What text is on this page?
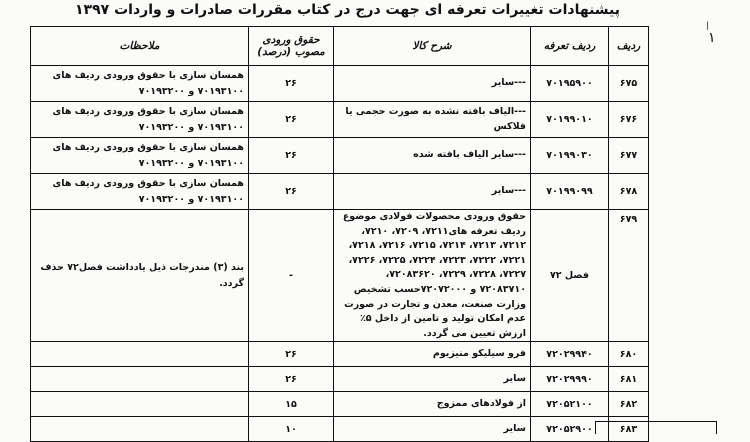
پیشنهادات تغییرات تعرفه ای جهت درج در کتاب مقررات صادرات و واردات ۱۳۹۷
۱
ا
ردیف	ردیف تعرفه	شرح کالا	حقوق ورودی مصوب (درصد)	ملاحظات
۶۷۵	۷۰۱۹۵۹۰۰	---سایر	۲۶	همسان سازی با حقوق ورودی ردیف های ۷۰۱۹۳۱۰۰ و ۷۰۱۹۳۲۰۰
۶۷۶	۷۰۱۹۹۰۱۰	---الیاف بافته نشده به صورت حجمی یا فلاکس	۲۶	همسان سازی با حقوق ورودی ردیف های ۷۰۱۹۳۱۰۰ و ۷۰۱۹۳۲۰۰
۶۷۷	۷۰۱۹۹۰۳۰	---سایر الیاف بافته شده	۲۶	همسان سازی با حقوق ورودی ردیف های ۷۰۱۹۳۱۰۰ و ۷۰۱۹۳۲۰۰
۶۷۸	۷۰۱۹۹۰۹۹	---سایر	۲۶	همسان سازی با حقوق ورودی ردیف های ۷۰۱۹۳۱۰۰ و ۷۰۱۹۳۲۰۰
۶۷۹	فصل ۷۲	حقوق ورودی محصولات فولادی موضوع ردیف تعرفه های۷۲۱۱، ۷۲۰۹، ۷۲۱۰، ۷۲۱۲، ۷۲۱۳، ۷۲۱۴، ۷۲۱۵، ۷۲۱۶، ۷۲۱۸، ۷۲۲۱، ۷۲۲۲، ۷۲۲۳، ۷۲۲۴، ۷۲۲۵، ۷۲۲۶، ۷۲۲۷، ۷۲۲۸، ۷۲۲۹، ۷۲۰۸۳۶۲۰، ۷۲۰۸۳۷۱۰ و ۷۲۰۷۲۰۰۰حسب تشخیص وزارت صنعت، معدن و تجارت در صورت عدم امکان تولید و تامین از داخل ۵٪ ارزش تعیین می گردد.	-	بند (۳) مندرجات ذیل یادداشت فصل۷۲ حذف گردد.
۶۸۰	۷۲۰۲۹۹۴۰	فرو سیلیکو منیزیوم	۲۶	
۶۸۱	۷۲۰۲۹۹۹۰	سایر	۲۶	
۶۸۲	۷۲۰۵۲۱۰۰	از فولادهای ممزوج	۱۵	
۶۸۳	۷۲۰۵۲۹۰۰	سایر	۱۰	
